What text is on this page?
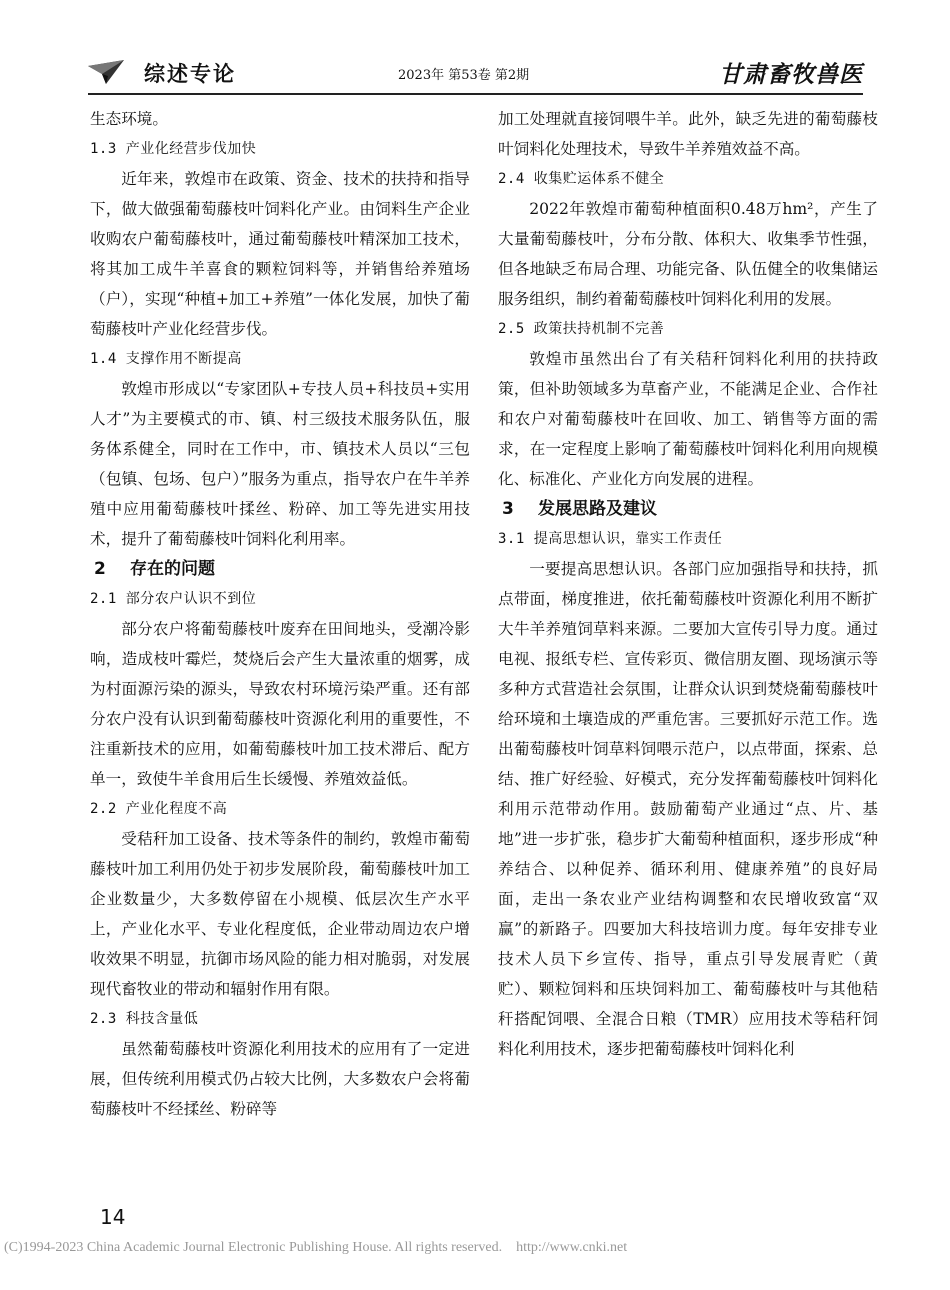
综述专论	2023年 第53卷 第2期	甘肃畜牧兽医

生态环境。

1.3 产业化经营步伐加快

近年来，敦煌市在政策、资金、技术的扶持和指导下，做大做强葡萄藤枝叶饲料化产业。由饲料生产企业收购农户葡萄藤枝叶，通过葡萄藤枝叶精深加工技术，将其加工成牛羊喜食的颗粒饲料等，并销售给养殖场（户），实现“种植+加工+养殖”一体化发展，加快了葡萄藤枝叶产业化经营步伐。

1.4 支撑作用不断提高

敦煌市形成以“专家团队+专技人员+科技员+实用人才”为主要模式的市、镇、村三级技术服务队伍，服务体系健全，同时在工作中，市、镇技术人员以“三包（包镇、包场、包户）”服务为重点，指导农户在牛羊养殖中应用葡萄藤枝叶揉丝、粉碎、加工等先进实用技术，提升了葡萄藤枝叶饲料化利用率。

2 存在的问题
2.1 部分农户认识不到位

部分农户将葡萄藤枝叶废弃在田间地头，受潮冷影响，造成枝叶霉烂，焚烧后会产生大量浓重的烟雾，成为村面源污染的源头，导致农村环境污染严重。还有部分农户没有认识到葡萄藤枝叶资源化利用的重要性，不注重新技术的应用，如葡萄藤枝叶加工技术滞后、配方单一，致使牛羊食用后生长缓慢、养殖效益低。

2.2 产业化程度不高

受秸秆加工设备、技术等条件的制约，敦煌市葡萄藤枝叶加工利用仍处于初步发展阶段，葡萄藤枝叶加工企业数量少，大多数停留在小规模、低层次生产水平上，产业化水平、专业化程度低，企业带动周边农户增收效果不明显，抗御市场风险的能力相对脆弱，对发展现代畜牧业的带动和辐射作用有限。

2.3 科技含量低

虽然葡萄藤枝叶资源化利用技术的应用有了一定进展，但传统利用模式仍占较大比例，大多数农户会将葡萄藤枝叶不经揉丝、粉碎等

加工处理就直接饲喂牛羊。此外，缺乏先进的葡萄藤枝叶饲料化处理技术，导致牛羊养殖效益不高。

2.4 收集贮运体系不健全

2022年敦煌市葡萄种植面积0.48万hm²，产生了大量葡萄藤枝叶，分布分散、体积大、收集季节性强，但各地缺乏布局合理、功能完备、队伍健全的收集储运服务组织，制约着葡萄藤枝叶饲料化利用的发展。

2.5 政策扶持机制不完善

敦煌市虽然出台了有关秸秆饲料化利用的扶持政策，但补助领域多为草畜产业，不能满足企业、合作社和农户对葡萄藤枝叶在回收、加工、销售等方面的需求，在一定程度上影响了葡萄藤枝叶饲料化利用向规模化、标准化、产业化方向发展的进程。

3 发展思路及建议
3.1 提高思想认识，靠实工作责任

一要提高思想认识。各部门应加强指导和扶持，抓点带面，梯度推进，依托葡萄藤枝叶资源化利用不断扩大牛羊养殖饲草料来源。二要加大宣传引导力度。通过电视、报纸专栏、宣传彩页、微信朋友圈、现场演示等多种方式营造社会氛围，让群众认识到焚烧葡萄藤枝叶给环境和土壤造成的严重危害。三要抓好示范工作。选出葡萄藤枝叶饲草料饲喂示范户，以点带面，探索、总结、推广好经验、好模式，充分发挥葡萄藤枝叶饲料化利用示范带动作用。鼓励葡萄产业通过“点、片、基地”进一步扩张，稳步扩大葡萄种植面积，逐步形成“种养结合、以种促养、循环利用、健康养殖”的良好局面，走出一条农业产业结构调整和农民增收致富“双赢”的新路子。四要加大科技培训力度。每年安排专业技术人员下乡宣传、指导，重点引导发展青贮（黄贮）、颗粒饲料和压块饲料加工、葡萄藤枝叶与其他秸秆搭配饲喂、全混合日粮（TMR）应用技术等秸秆饲料化利用技术，逐步把葡萄藤枝叶饲料化利

14
(C)1994-2023 China Academic Journal Electronic Publishing House. All rights reserved. http://www.cnki.net
